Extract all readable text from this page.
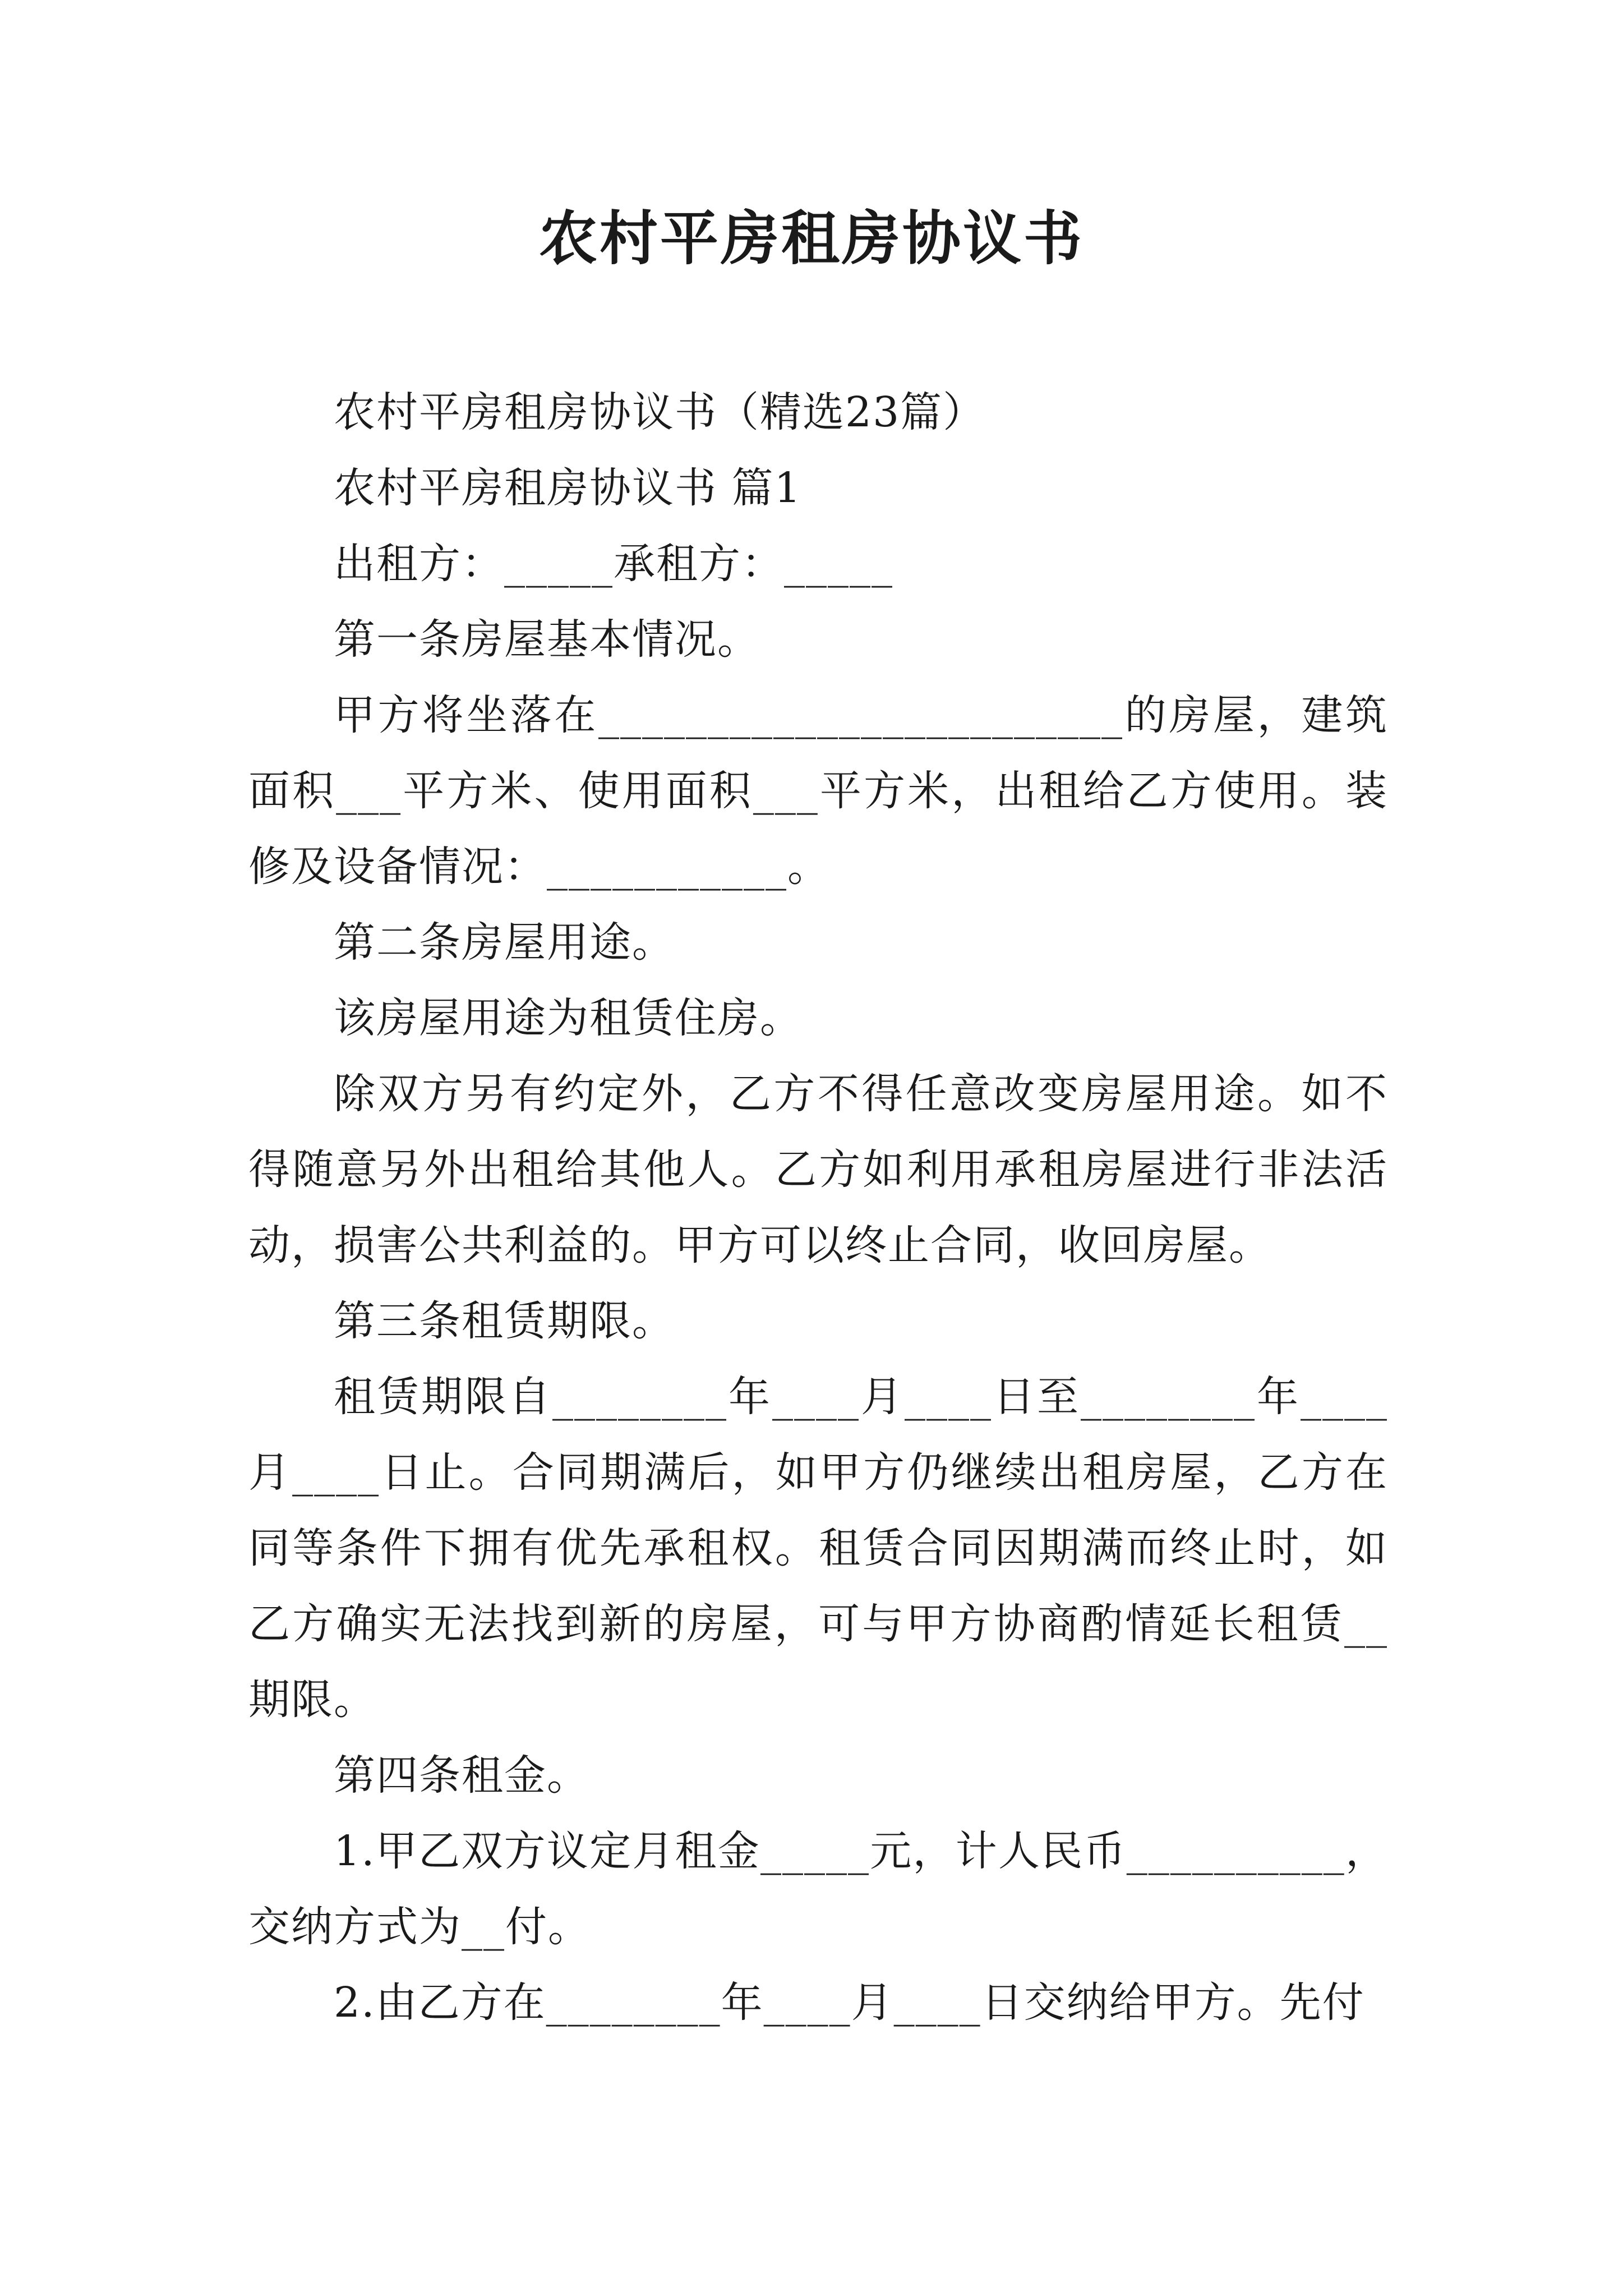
农村平房租房协议书

农村平房租房协议书（精选23篇）

农村平房租房协议书 篇1

出租方：_____承租方：_____

第一条房屋基本情况。

甲方将坐落在________________________的房屋，建筑面积___平方米、使用面积___平方米，出租给乙方使用。装修及设备情况：___________。

第二条房屋用途。

该房屋用途为租赁住房。

除双方另有约定外，乙方不得任意改变房屋用途。如不得随意另外出租给其他人。乙方如利用承租房屋进行非法活动，损害公共利益的。甲方可以终止合同，收回房屋。

第三条租赁期限。

租赁期限自________年____月____日至________年____月____日止。合同期满后，如甲方仍继续出租房屋，乙方在同等条件下拥有优先承租权。租赁合同因期满而终止时，如乙方确实无法找到新的房屋，可与甲方协商酌情延长租赁__期限。

第四条租金。

1.甲乙双方议定月租金_____元，计人民币__________，交纳方式为__付。

2.由乙方在________年____月____日交纳给甲方。先付
